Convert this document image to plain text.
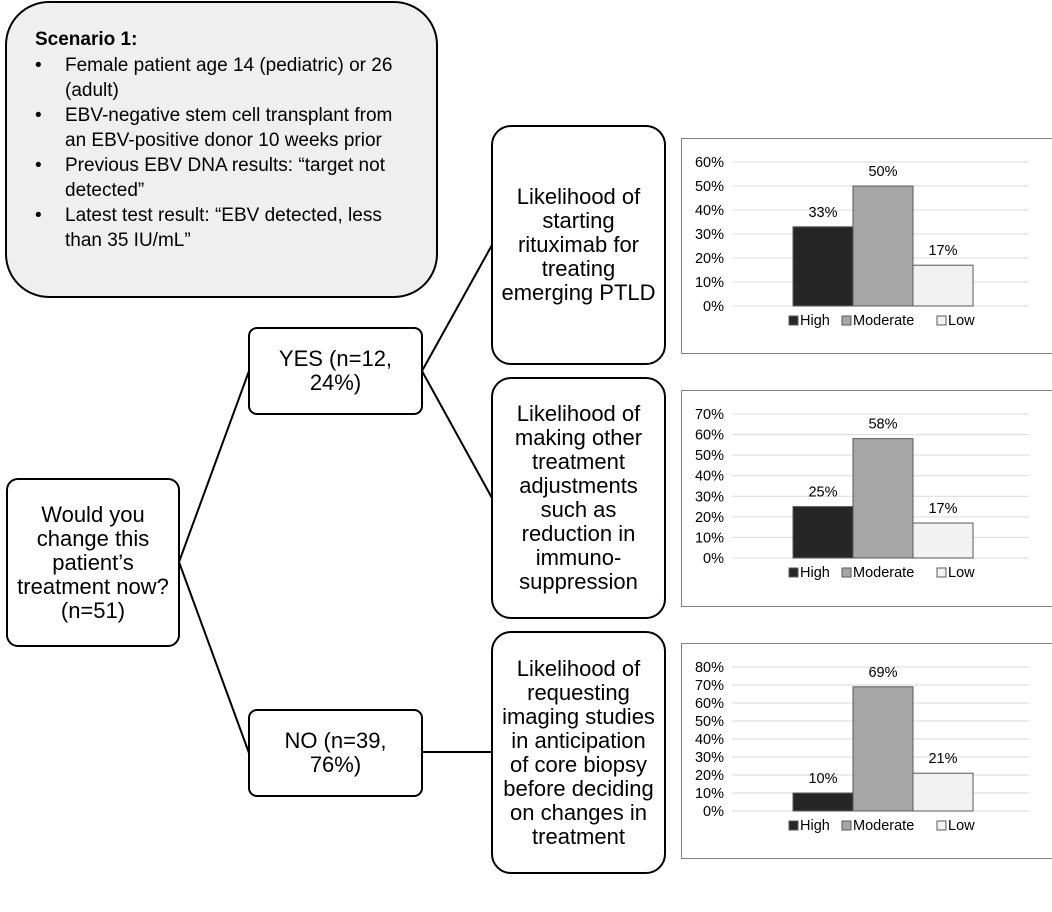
Scenario 1:
• Female patient age 14 (pediatric) or 26 (adult)
• EBV-negative stem cell transplant from an EBV-positive donor 10 weeks prior
• Previous EBV DNA results: “target not detected”
• Latest test result: “EBV detected, less than 35 IU/mL”
Would you
change this
patient’s
treatment now?
(n=51)
YES (n=12,
24%)
NO (n=39,
76%)
Likelihood of
starting
rituximab for
treating
emerging PTLD
Likelihood of
making other
treatment
adjustments
such as
reduction in
immuno-
suppression
Likelihood of
requesting
imaging studies
in anticipation
of core biopsy
before deciding
on changes in
treatment
0%
10%
20%
30%
40%
50%
60%
33%
50%
17%
High Moderate Low
0%
10%
20%
30%
40%
50%
60%
70%
25%
58%
17%
High Moderate Low
0%
10%
20%
30%
40%
50%
60%
70%
80%
10%
69%
21%
High Moderate Low
